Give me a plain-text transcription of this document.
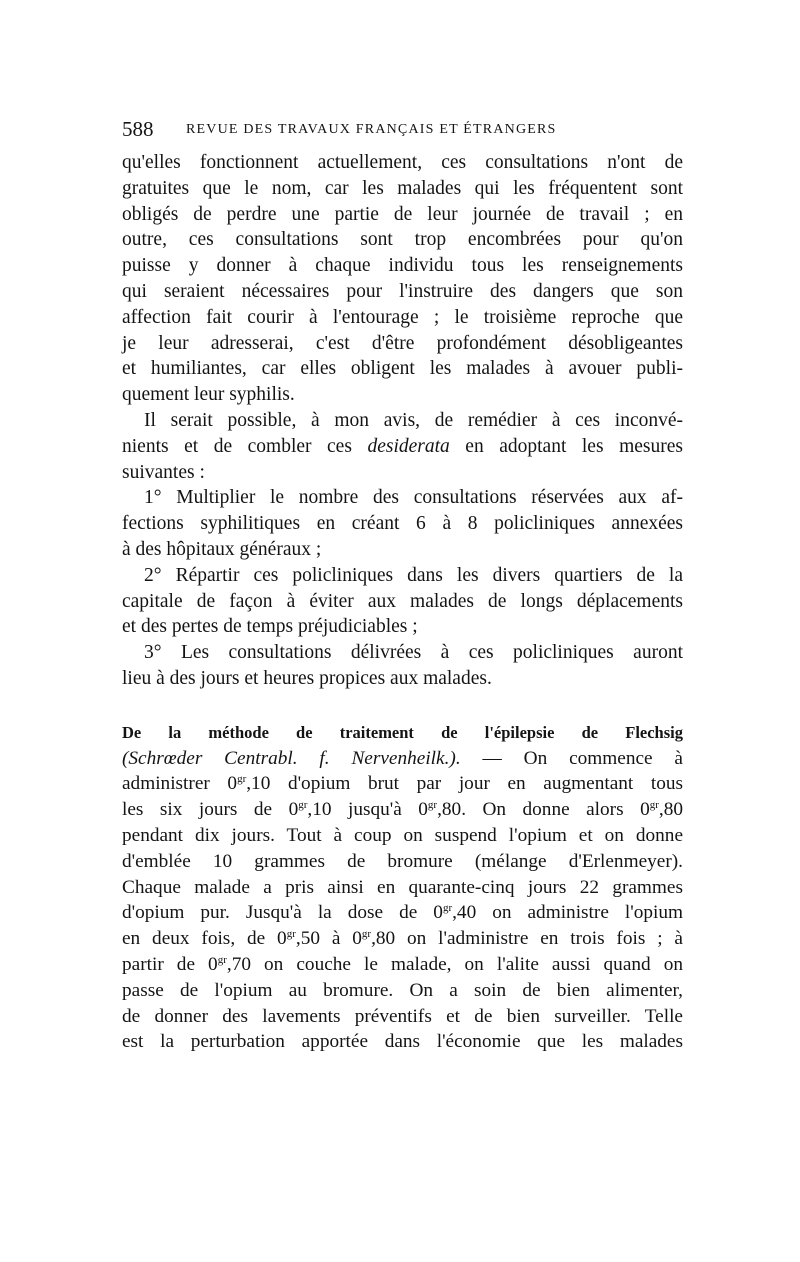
588 REVUE DES TRAVAUX FRANÇAIS ET ÉTRANGERS
qu'elles fonctionnent actuellement, ces consultations n'ont de
gratuites que le nom, car les malades qui les fréquentent sont
obligés de perdre une partie de leur journée de travail ; en
outre, ces consultations sont trop encombrées pour qu'on
puisse y donner à chaque individu tous les renseignements
qui seraient nécessaires pour l'instruire des dangers que son
affection fait courir à l'entourage ; le troisième reproche que
je leur adresserai, c'est d'être profondément désobligeantes
et humiliantes, car elles obligent les malades à avouer publi-
quement leur syphilis.
Il serait possible, à mon avis, de remédier à ces inconvé-
nients et de combler ces desiderata en adoptant les mesures
suivantes :
1° Multiplier le nombre des consultations réservées aux af-
fections syphilitiques en créant 6 à 8 policliniques annexées
à des hôpitaux généraux ;
2° Répartir ces policliniques dans les divers quartiers de la
capitale de façon à éviter aux malades de longs déplacements
et des pertes de temps préjudiciables ;
3° Les consultations délivrées à ces policliniques auront
lieu à des jours et heures propices aux malades.
De la méthode de traitement de l'épilepsie de Flechsig
(Schrœder Centrabl. f. Nervenheilk.). — On commence à
administrer $0^{gr},10$ d'opium brut par jour en augmentant tous
les six jours de $0^{gr},10$ jusqu'à $0^{gr},80$. On donne alors $0^{gr},80$
pendant dix jours. Tout à coup on suspend l'opium et on donne
d'emblée 10 grammes de bromure (mélange d'Erlenmeyer).
Chaque malade a pris ainsi en quarante-cinq jours 22 grammes
d'opium pur. Jusqu'à la dose de $0^{gr},40$ on administre l'opium
en deux fois, de $0^{gr},50$ à $0^{gr},80$ on l'administre en trois fois ; à
partir de $0^{gr},70$ on couche le malade, on l'alite aussi quand on
passe de l'opium au bromure. On a soin de bien alimenter,
de donner des lavements préventifs et de bien surveiller. Telle
est la perturbation apportée dans l'économie que les malades
